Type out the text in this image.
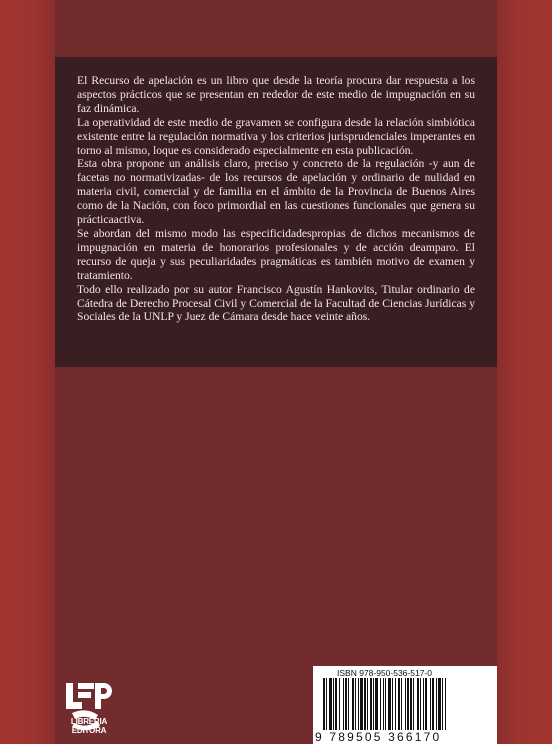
El Recurso de apelación es un libro que desde la teoría procura dar respuesta a los aspectos prácticos que se presentan en rededor de este medio de impugnación en su faz dinámica.

La operatividad de este medio de gravamen se configura desde la relación simbiótica existente entre la regulación normativa y los criterios jurisprudenciales imperantes en torno al mismo, loque es considerado especialmente en esta publicación.

Esta obra propone un análisis claro, preciso y concreto de la regulación -y aun de facetas no normativizadas- de los recursos de apelación y ordinario de nulidad en materia civil, comercial y de familia en el ámbito de la Provincia de Buenos Aires como de la Nación, con foco primordial en las cuestiones funcionales que genera su prácticaactiva.

Se abordan del mismo modo las especificidadespropias de dichos mecanismos de impugnación en materia de honorarios profesionales y de acción deamparo. El recurso de queja y sus peculiaridades pragmáticas es también motivo de examen y tratamiento.

Todo ello realizado por su autor Francisco Agustín Hankovits, Titular ordinario de Cátedra de Derecho Procesal Civil y Comercial de la Facultad de Ciencias Jurídicas y Sociales de la UNLP y Juez de Cámara desde hace veinte años.

LIBRERIA
EDITORA
ISBN 978-950-536-517-0
9 789505 366170
